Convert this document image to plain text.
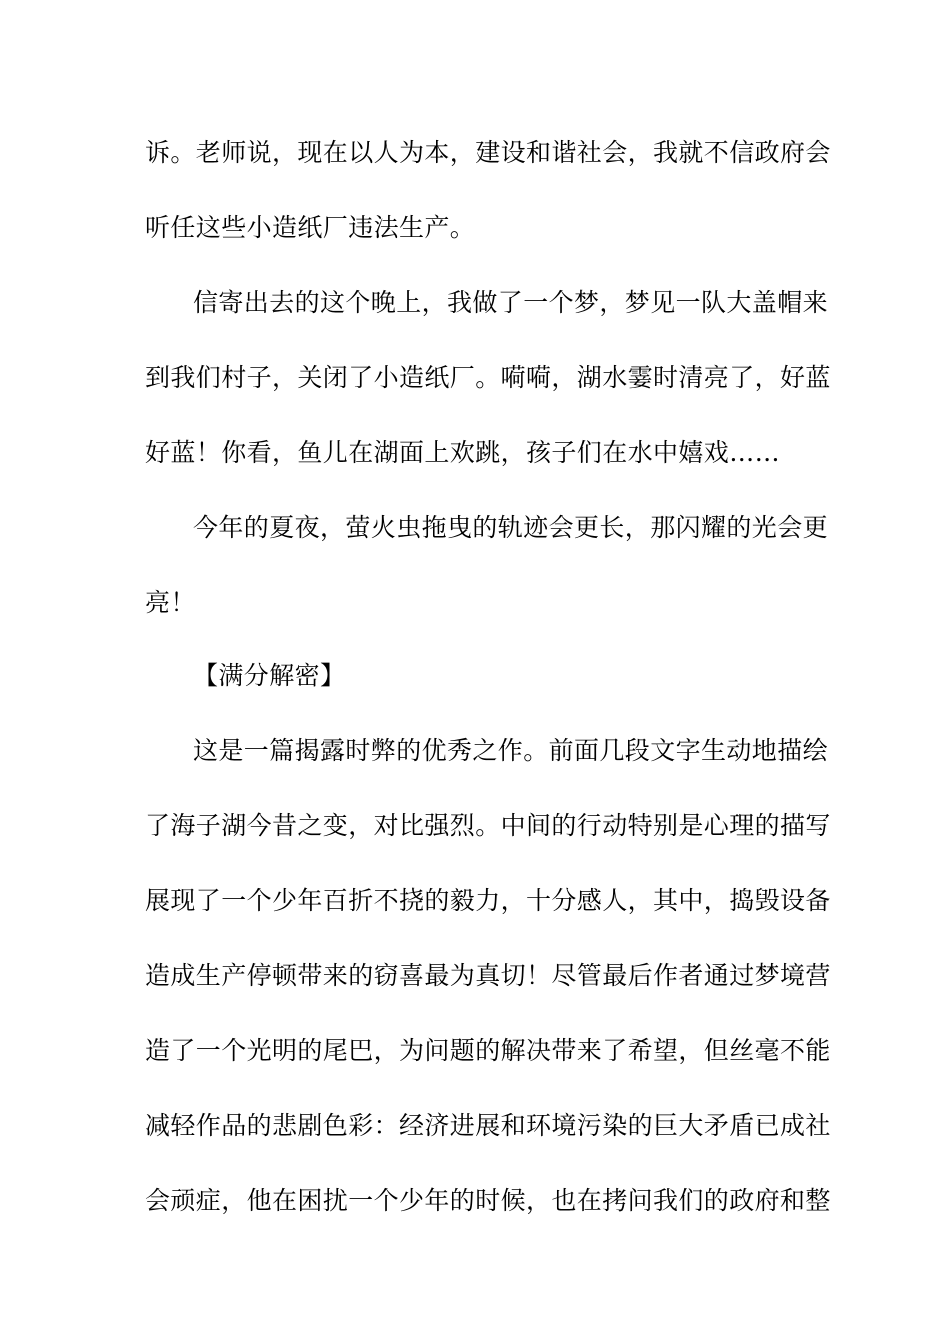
诉。老师说，现在以人为本，建设和谐社会，我就不信政府会
听任这些小造纸厂违法生产。
信寄出去的这个晚上，我做了一个梦，梦见一队大盖帽来
到我们村子，关闭了小造纸厂。嗬嗬，湖水霎时清亮了，好蓝
好蓝！你看，鱼儿在湖面上欢跳，孩子们在水中嬉戏……
今年的夏夜，萤火虫拖曳的轨迹会更长，那闪耀的光会更
亮！
【满分解密】
这是一篇揭露时弊的优秀之作。前面几段文字生动地描绘
了海子湖今昔之变，对比强烈。中间的行动特别是心理的描写
展现了一个少年百折不挠的毅力，十分感人，其中，捣毁设备
造成生产停顿带来的窃喜最为真切！尽管最后作者通过梦境营
造了一个光明的尾巴，为问题的解决带来了希望，但丝毫不能
减轻作品的悲剧色彩：经济进展和环境污染的巨大矛盾已成社
会顽症，他在困扰一个少年的时候，也在拷问我们的政府和整
